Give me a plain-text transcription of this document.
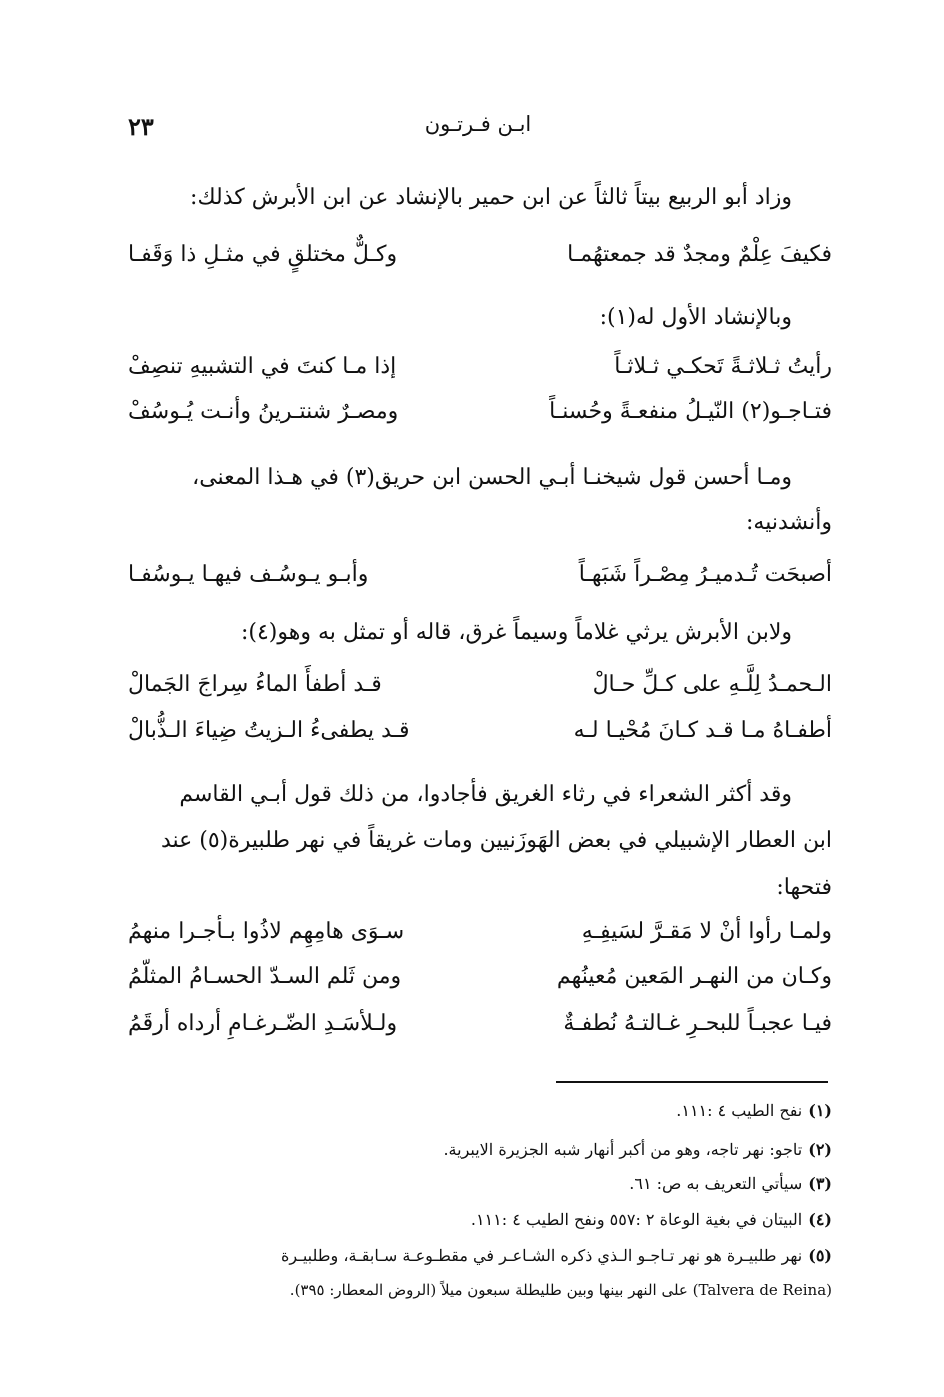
ابـن فـرتـون
٢٣
وزاد أبو الربيع بيتاً ثالثاً عن ابن حمير بالإنشاد عن ابن الأبرش كذلك:
فكيفَ عِلْمٌ ومجدٌ قد جمعتهُمـا
وكـلٌّ مختلقٍ في مثـلِ ذا وَقَفـا
وبالإنشاد الأول له(١):
رأيتُ ثـلاثـةً تَحكـي ثـلاثـاً
إذا مـا كنتَ في التشبيهِ تنصِفْ
فتـاجـو(٢) النّيـلُ منفعـةً وحُسنـاً
ومصـرٌ شنتـرينُ وأنـت يُـوسُفْ
ومـا أحسن قول شيخنـا أبـي الحسن ابن حريق(٣) في هـذا المعنى،
وأنشدنيه:
أصبحَت تُـدميـرُ مِصْـراً شَبَهـاً
وأبـو يـوسُـف فيهـا يـوسُفـا
ولابن الأبرش يرثي غلاماً وسيماً غرق، قاله أو تمثل به وهو(٤):
الـحمـدُ لِلَّـهِ على كـلِّ حـالْ
قـد أطفأَ الماءُ سِراجَ الجَمالْ
أطفـاهُ مـا قـد كـانَ مُحْيـا لـه
قـد يطفىءُ الـزيتُ ضِياءَ الـذُّبالْ
وقد أكثر الشعراء في رثاء الغريق فأجادوا، من ذلك قول أبـي القاسم
ابن العطار الإشبيلي في بعض الهَوزَنيين ومات غريقاً في نهر طلبيرة(٥) عند
فتحها:
ولمـا رأوا أنْ لا مَقـرَّ لسَيفِـهِ
سـوَى هامِهِم لاذُوا بـأجـرا منهمُ
وكـان من النهـر المَعين مُعينُهم
ومن ثَلم السـدّ الحسـامُ المثلّمُ
فيـا عجبـاً للبحـرِ غـالتـهُ نُطفـةٌ
ولـلأسَـدِ الضّـرغـامِ أرداه أرقَمُ
(١)نفح الطيب ٤ :١١١.
(٢)تاجو: نهر تاجه، وهو من أكبر أنهار شبه الجزيرة الايبرية.
(٣)سيأتي التعريف به ص: ٦١.
(٤)البيتان في بغية الوعاة ٢ :٥٥٧ ونفح الطيب ٤ :١١١.
(٥)نهر طلبيـرة هو نهر تـاجـو الـذي ذكره الشـاعـر في مقطـوعـة سـابقـة، وطلبيـرة
(Talvera de Reina) على النهر بينها وبين طليطلة سبعون ميلاً (الروض المعطار: ٣٩٥).
